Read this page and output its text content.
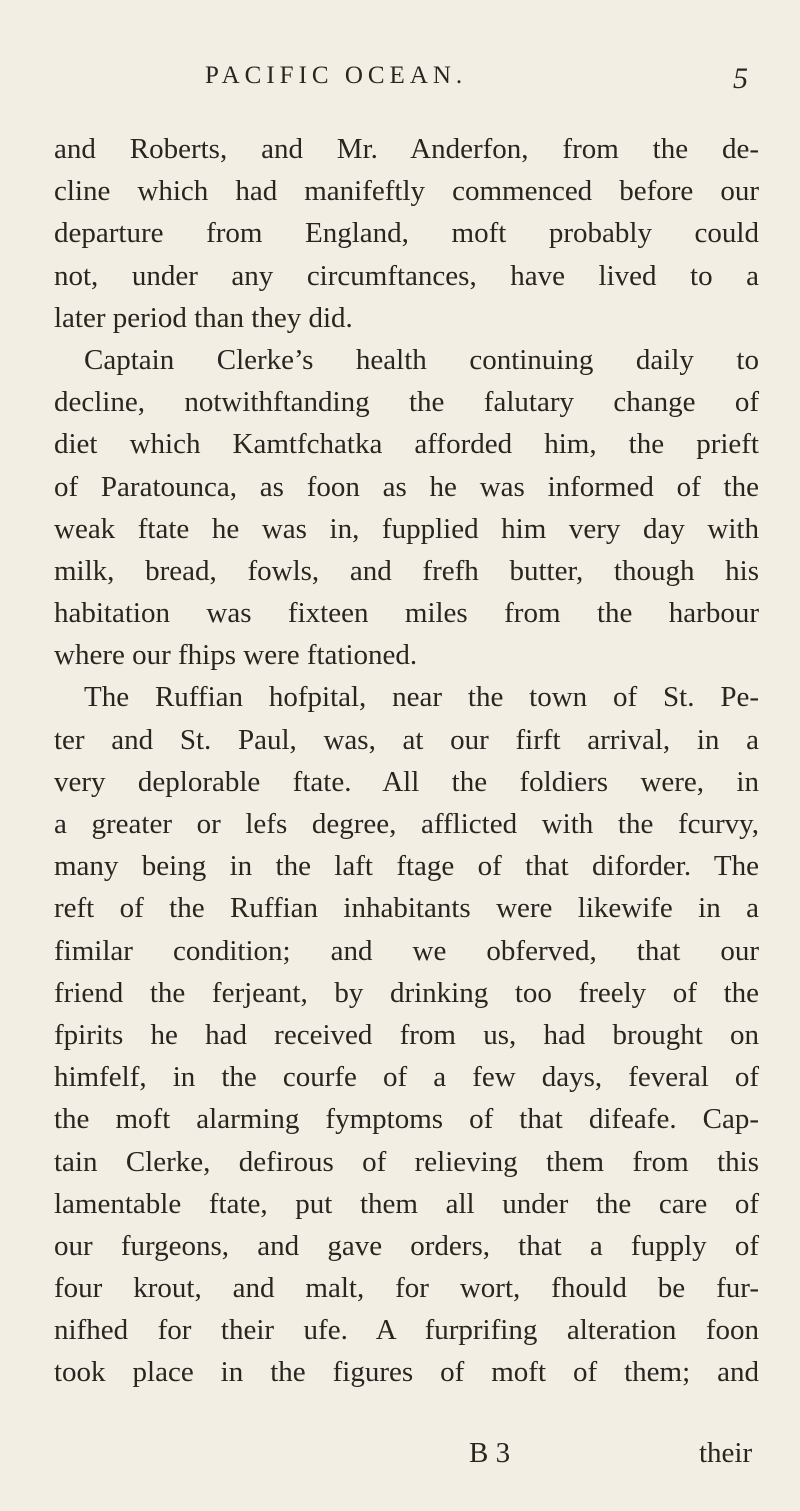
PACIFIC OCEAN.	5
and Roberts, and Mr. Anderfon, from the de-
cline which had manifeftly commenced before our
departure from England, moft probably could
not, under any circumftances, have lived to a
later period than they did.
Captain Clerke’s health continuing daily to
decline, notwithftanding the falutary change of
diet which Kamtfchatka afforded him, the prieft
of Paratounca, as foon as he was informed of the
weak ftate he was in, fupplied him very day with
milk, bread, fowls, and frefh butter, though his
habitation was fixteen miles from the harbour
where our fhips were ftationed.
The Ruffian hofpital, near the town of St. Pe-
ter and St. Paul, was, at our firft arrival, in a
very deplorable ftate. All the foldiers were, in
a greater or lefs degree, afflicted with the fcurvy,
many being in the laft ftage of that diforder. The
reft of the Ruffian inhabitants were likewife in a
fimilar condition; and we obferved, that our
friend the ferjeant, by drinking too freely of the
fpirits he had received from us, had brought on
himfelf, in the courfe of a few days, feveral of
the moft alarming fymptoms of that difeafe. Cap-
tain Clerke, defirous of relieving them from this
lamentable ftate, put them all under the care of
our furgeons, and gave orders, that a fupply of
four krout, and malt, for wort, fhould be fur-
nifhed for their ufe. A furprifing alteration foon
took place in the figures of moft of them; and
B 3	their
